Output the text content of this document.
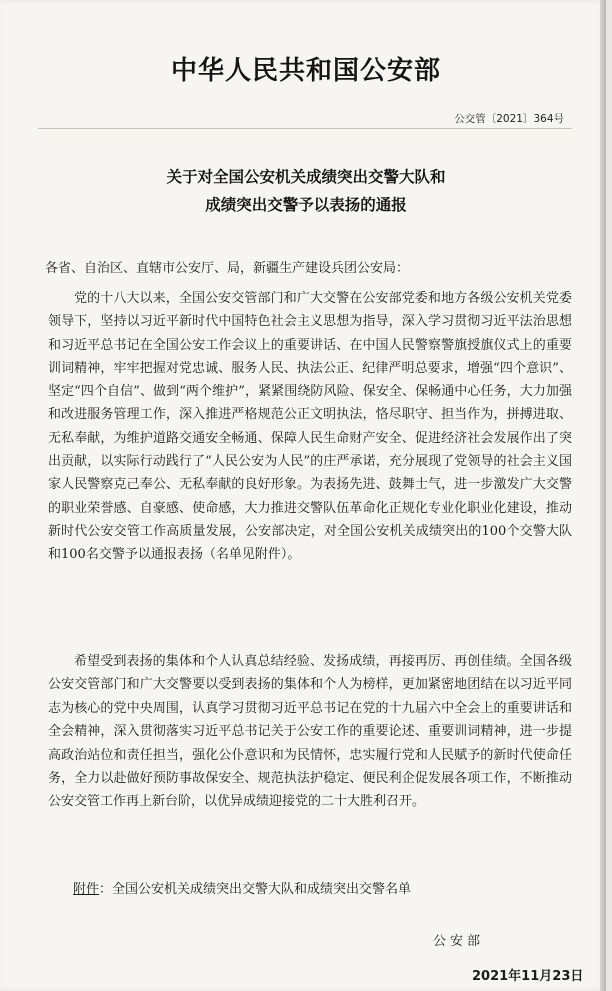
中华人民共和国公安部
公交管〔2021〕364号
关于对全国公安机关成绩突出交警大队和
成绩突出交警予以表扬的通报
各省、自治区、直辖市公安厅、局，新疆生产建设兵团公安局：
党的十八大以来，全国公安交管部门和广大交警在公安部党委和地方各级公安机关党委领导下，坚持以习近平新时代中国特色社会主义思想为指导，深入学习贯彻习近平法治思想和习近平总书记在全国公安工作会议上的重要讲话、在中国人民警察警旗授旗仪式上的重要训词精神，牢牢把握对党忠诚、服务人民、执法公正、纪律严明总要求，增强“四个意识”、坚定“四个自信”、做到“两个维护”，紧紧围绕防风险、保安全、保畅通中心任务，大力加强和改进服务管理工作，深入推进严格规范公正文明执法，恪尽职守、担当作为，拼搏进取、无私奉献，为维护道路交通安全畅通、保障人民生命财产安全、促进经济社会发展作出了突出贡献，以实际行动践行了“人民公安为人民”的庄严承诺，充分展现了党领导的社会主义国家人民警察克己奉公、无私奉献的良好形象。为表扬先进、鼓舞士气，进一步激发广大交警的职业荣誉感、自豪感、使命感，大力推进交警队伍革命化正规化专业化职业化建设，推动新时代公安交管工作高质量发展，公安部决定，对全国公安机关成绩突出的100个交警大队和100名交警予以通报表扬（名单见附件）。
希望受到表扬的集体和个人认真总结经验、发扬成绩，再接再厉、再创佳绩。全国各级公安交管部门和广大交警要以受到表扬的集体和个人为榜样，更加紧密地团结在以习近平同志为核心的党中央周围，认真学习贯彻习近平总书记在党的十九届六中全会上的重要讲话和全会精神，深入贯彻落实习近平总书记关于公安工作的重要论述、重要训词精神，进一步提高政治站位和责任担当，强化公仆意识和为民情怀，忠实履行党和人民赋予的新时代使命任务，全力以赴做好预防事故保安全、规范执法护稳定、便民利企促发展各项工作，不断推动公安交管工作再上新台阶，以优异成绩迎接党的二十大胜利召开。
附件：全国公安机关成绩突出交警大队和成绩突出交警名单
公安部
2021年11月23日
